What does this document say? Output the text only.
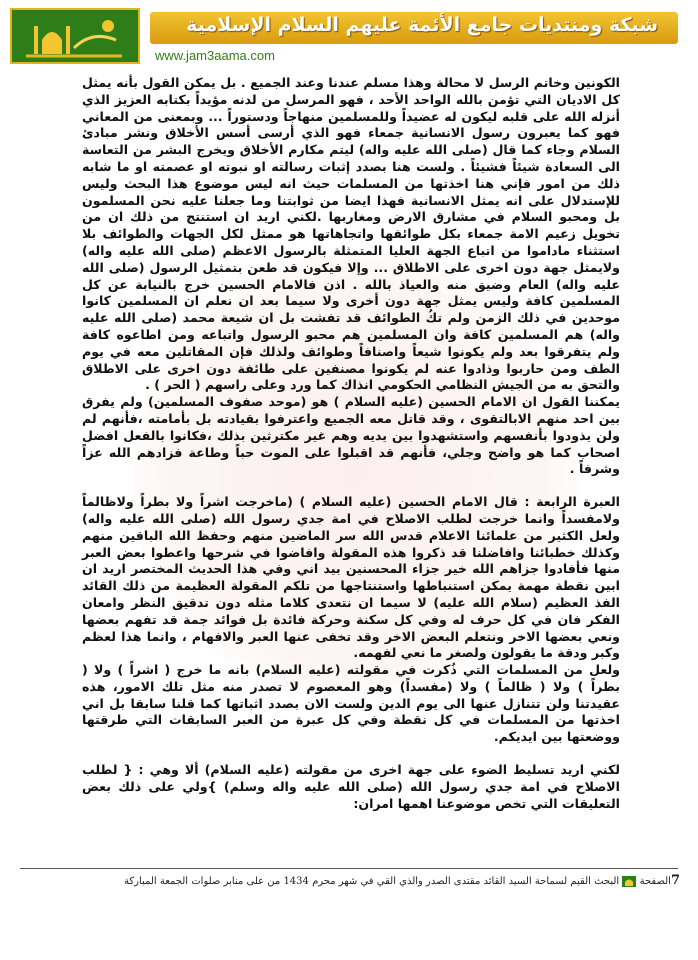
شبكة ومنتديات جامع الأئمة عليهم السلام الإسلامية
www.jam3aama.com

الكونين وخاتم الرسل لا محالة وهذا مسلم عندنا وعند الجميع . بل يمكن القول بأنه يمثل كل الاديان التي تؤمن بالله الواحد الأحد ، فهو المرسل من لدنه مؤيداً بكتابه العزيز الذي أنزله الله على قلبه ليكون له عضيداً وللمسلمين منهاجاً ودستوراً ... وبمعنى من المعاني فهو كما يعبرون رسول الانسانية جمعاء فهو الذي أرسى أسس الأخلاق ونشر مبادئ السلام وجاء كما قال (صلى الله عليه واله) ليتم مكارم الأخلاق ويخرج البشر من التعاسة الى السعادة شيئاً فشيئاً . ولست هنا بصدد إثبات رسالته او نبوته او عصمته او ما شابه ذلك من امور فإني هنا اخذتها من المسلمات حيث انه ليس موضوع هذا البحث وليس للإستدلال على انه يمثل الانسانية فهذا ايضا من ثوابتنا وما جعلنا عليه نحن المسلمون بل ومحبو السلام في مشارق الارض ومغاربها .لكني اريد ان استنتج من ذلك ان من تخويل زعيم الامة جمعاء بكل طوائفها واتجاهاتها هو ممثل لكل الجهات والطوائف بلا استثناء ماداموا من اتباع الجهة العليا المتمثلة بالرسول الاعظم (صلى الله عليه واله) ولايمثل جهة دون اخرى على الاطلاق ... وإلا فيكون قد طعن بتمثيل الرسول (صلى الله عليه واله) العام وضيق منه والعياذ بالله . اذن فالامام الحسين خرج بالنيابة عن كل المسلمين كافة وليس يمثل جهة دون أخرى ولا سيما بعد ان نعلم ان المسلمين كانوا موحدين في ذلك الزمن ولم تكُ الطوائف قد تفشت بل ان شيعة محمد (صلى الله عليه واله) هم المسلمين كافة وان المسلمين هم محبو الرسول واتباعه ومن اطاعوه كافة ولم يتفرقوا بعد ولم يكونوا شيعاً واصنافاً وطوائف ولذلك فإن المقاتلين معه في يوم الطف ومن حاربوا وذادوا عنه لم يكونوا مصنفين على طائفة دون اخرى على الاطلاق والتحق به من الجيش النظامي الحكومي انذاك كما ورد وعلى راسهم ( الحر ) .

يمكننا القول ان الامام الحسين (عليه السلام ) هو (موحد صفوف المسلمين) ولم يفرق بين احد منهم الابالتقوى ، وقد قاتل معه الجميع واعترفوا بقيادته بل بأمامته ،فأنهم لم ولن يذودوا بأنفسهم واستشهدوا بين يديه وهم غير مكترثين بذلك ،فكانوا بالفعل افضل اصحاب كما هو واضح وجلي، فأنهم قد اقبلوا على الموت حباً وطاعة فزادهم الله عزاً وشرفاً .

العبرة الرابعة : قال الامام الحسين (عليه السلام ) (ماخرجت اشراً ولا بطراً ولاظالماً ولامفسداً وانما خرجت لطلب الاصلاح في امة جدي رسول الله (صلى الله عليه واله) ولعل الكثير من علمائنا الاعلام قدس الله سر الماضين منهم وحفظ الله الباقين منهم وكذلك خطبائنا وافاضلنا قد ذكروا هذه المقولة وافاضوا في شرحها واعطوا بعض العبر منها فأفادوا جزاهم الله خير جزاء المحسنين بيد اني وفي هذا الحديث المختصر اريد ان ابين نقطة مهمة يمكن استنباطها واستنتاجها من تلكم المقولة العظيمة من ذلك القائد الفذ العظيم (سلام الله عليه) لا سيما ان نتعدى كلاما مثله دون تدقيق النظر وامعان الفكر فان في كل حرف له وفي كل سكنة وحركة فائدة بل فوائد جمة قد تفهم بعضها ونعي بعضها الاخر ونتعلم البعض الاخر وقد تخفى عنها العبر والافهام ، وانما هذا لعظم وكبر ودقة ما يقولون ولصغر ما نعي لفهمه.

ولعل من المسلمات التي ذُكرت في مقولته (عليه السلام) بانه ما خرج ( اشراً ) ولا ( بطراً ) ولا ( ظالماً ) ولا (مفسداً) وهو المعصوم لا تصدر منه مثل تلك الامور، هذه عقيدتنا ولن تتنازل عنها الى يوم الدين ولست الان بصدد اثباتها كما قلنا سابقا بل اني اخذتها من المسلمات في كل نقطة وفي كل عبرة من العبر السابقات التي طرقتها ووضعتها بين ايديكم.

لكني اريد تسليط الضوء على جهة اخرى من مقولته (عليه السلام) ألا وهي : { لطلب الاصلاح في امة جدي رسول الله (صلى الله عليه واله وسلم) }ولي على ذلك بعض التعليقات التي تخص موضوعنا اهمها امران:

7الصفحة  البحث القيم لسماحة السيد القائد مقتدى الصدر والذي القي في شهر محرم 1434 من على منابر صلوات الجمعة المباركة
